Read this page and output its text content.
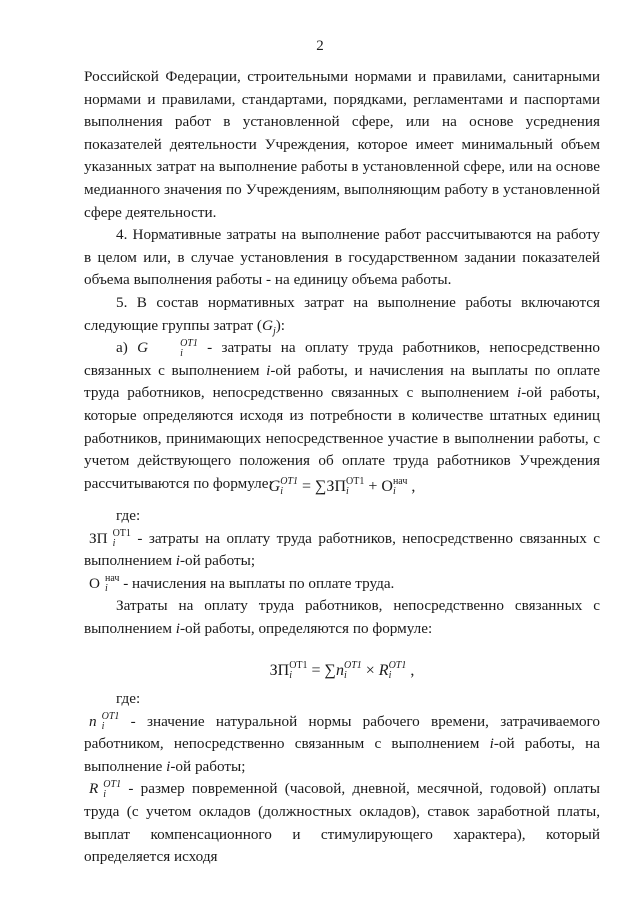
2

Российской Федерации, строительными нормами и правилами, санитарными нормами и правилами, стандартами, порядками, регламентами и паспортами выполнения работ в установленной сфере, или на основе усреднения показателей деятельности Учреждения, которое имеет минимальный объем указанных затрат на выполнение работы в установленной сфере, или на основе медианного значения по Учреждениям, выполняющим работу в установленной сфере деятельности.

4. Нормативные затраты на выполнение работ рассчитываются на работу в целом или, в случае установления в государственном задании показателей объема выполнения работы - на единицу объема работы.

5. В состав нормативных затрат на выполнение работы включаются следующие группы затрат $(G_j)$:

а) G	OT1
i - затраты на оплату труда работников, непосредственно связанных с выполнением i-ой работы, и начисления на выплаты по оплате труда работников, непосредственно связанных с выполнением i-ой работы, которые определяются исходя из потребности в количестве штатных единиц работников, принимающих непосредственное участие в выполнении работы, с учетом действующего положения об оплате труда работников Учреждения рассчитываются по формуле:

G OT1
i = ∑ЗП ОТ1
i + О нач
i ,

где:

ЗП ОТ1
i	- затраты на оплату труда работников, непосредственно связанных с выполнением i-ой работы;

О нач
i - начисления на выплаты по оплате труда.

Затраты на оплату труда работников, непосредственно связанных с выполнением i-ой работы, определяются по формуле:

ЗП ОТ1
i = ∑n OT1
i × R OT1
i ,

где:

n OT1
i - значение натуральной нормы рабочего времени, затрачиваемого работником, непосредственно связанным с выполнением i-ой работы, на выполнение i-ой работы;

R OT1
i - размер повременной (часовой, дневной, месячной, годовой) оплаты труда (с учетом окладов (должностных окладов), ставок заработной платы, выплат компенсационного и стимулирующего характера), который определяется исходя
